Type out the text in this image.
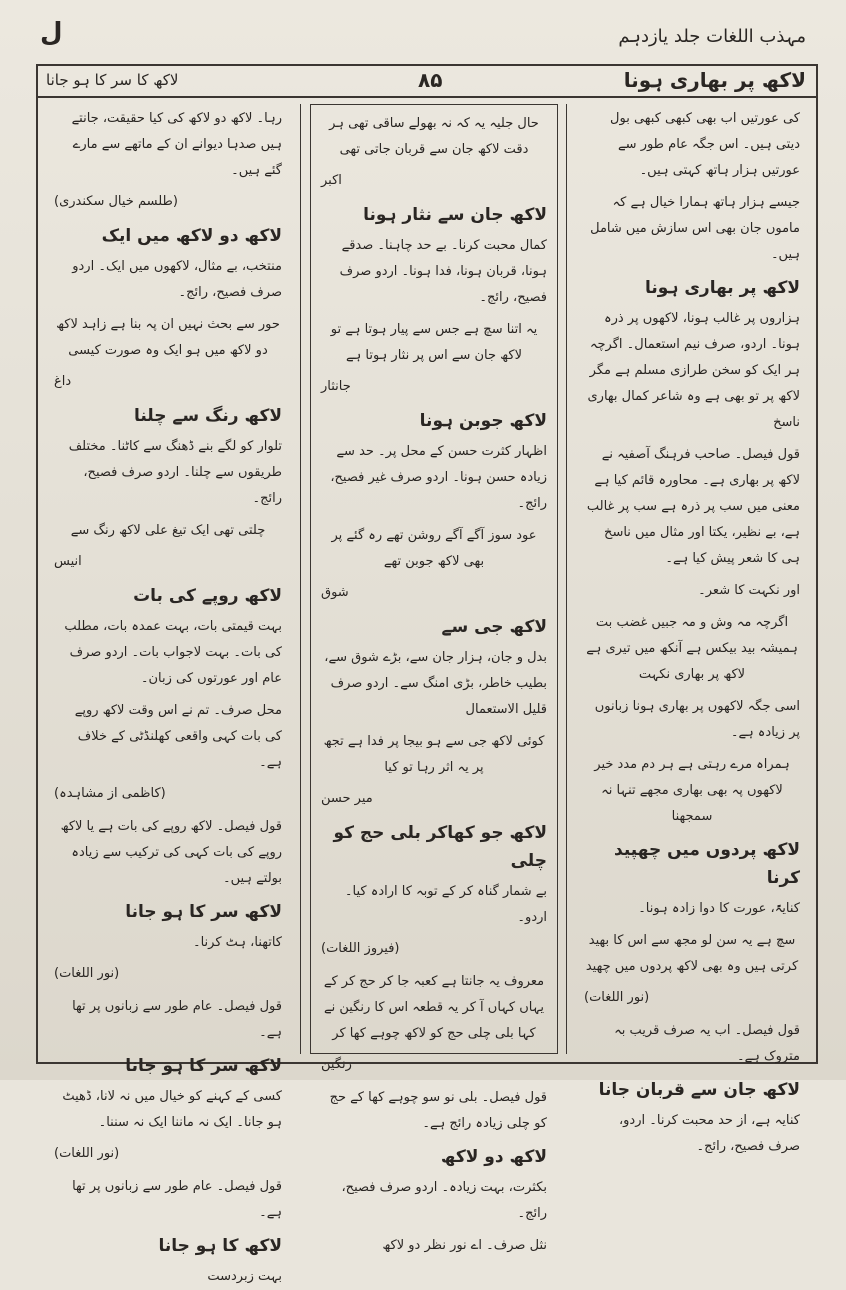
ل	مہذب اللغات جلد یازدہم
لاکھ کا سر کا ہو جانا	۸۵	لاکھ پر بھاری ہونا

رہا۔ لاکھ دو لاکھ کی کیا حقیقت، جانتے ہیں صدہا دیوانے ان کے ماتھے سے مارے گئے ہیں۔

(طلسم خیال سکندری)

لاکھ دو لاکھ میں ایک

منتخب، بے مثال، لاکھوں میں ایک۔ اردو صرف فصیح، رائج۔

حور سے بحث نہیں ان پہ بنا ہے زاہد لاکھ دو لاکھ میں ہو ایک وہ صورت کیسی

داغ

لاکھ رنگ سے چلنا

تلوار کو لگے بنے ڈھنگ سے کاٹنا۔ مختلف طریقوں سے چلنا۔ اردو صرف فصیح، رائج۔

چلتی تھی ایک تیغ علی لاکھ رنگ سے

انیس

لاکھ روپے کی بات

بہت قیمتی بات، بہت عمدہ بات، مطلب کی بات۔ بہت لاجواب بات۔ اردو صرف عام اور عورتوں کی زبان۔

محل صرف۔ تم نے اس وقت لاکھ روپے کی بات کہی واقعی کھلنڈٹی کے خلاف ہے۔

(کاظمی از مشاہدہ)

قول فیصل۔ لاکھ روپے کی بات ہے یا لاکھ روپے کی بات کہی کی ترکیب سے زیادہ بولتے ہیں۔

لاکھ سر کا ہو جانا

کاتھنا، ہٹ کرنا۔

(نور اللغات)

قول فیصل۔ عام طور سے زبانوں پر تھا ہے۔

لاکھ سر کا ہو جانا

کسی کے کہنے کو خیال میں نہ لانا، ڈھیٹ ہو جانا۔ ایک نہ ماننا ایک نہ سننا۔

(نور اللغات)

قول فیصل۔ عام طور سے زبانوں پر تھا ہے۔

لاکھ کا ہو جانا

بہت زبردست

حال جلیہ یہ کہ نہ بھولے ساقی تھی ہر دقت لاکھ جان سے قربان جاتی تھی

اکبر

لاکھ جان سے نثار ہونا

کمال محبت کرنا۔ بے حد چاہنا۔ صدقے ہونا، قربان ہونا، فدا ہونا۔ اردو صرف فصیح، رائج۔

یہ اتنا سچ ہے جس سے پیار ہوتا ہے تو لاکھ جان سے اس پر نثار ہوتا ہے

جانثار

لاکھ جوبن ہونا

اظہار کثرت حسن کے محل پر۔ حد سے زیادہ حسن ہونا۔ اردو صرف غیر فصیح، رائج۔

عود سوز آگے آگے روشن تھے رہ گئے پر بھی لاکھ جوبن تھے

شوق

لاکھ جی سے

بدل و جان، ہزار جان سے، بڑے شوق سے، بطیب خاطر، بڑی امنگ سے۔ اردو صرف قلیل الاستعمال

کوئی لاکھ جی سے ہو بیجا پر فدا ہے تجھ پر یہ اثر رہا تو کیا

میر حسن

لاکھ جو کھاکر بلی حج کو چلی

بے شمار گناہ کر کے توبہ کا ارادہ کیا۔ اردو۔

(فیروز اللغات)

معروف یہ جانتا ہے کعبہ جا کر حج کر کے یہاں کہاں آ کر یہ قطعہ اس کا رنگین نے کہا بلی چلی حج کو لاکھ چوہے کھا کر

رنگین

قول فیصل۔ بلی نو سو چوہے کھا کے حج کو چلی زیادہ رائج ہے۔

لاکھ دو لاکھ

بکثرت، بہت زیادہ۔ اردو صرف فصیح، رائج۔

نثل صرف۔ اے نور نظر دو لاکھ

کی عورتیں اب بھی کبھی کبھی بول دیتی ہیں۔ اس جگہ عام طور سے عورتیں ہزار ہاتھ کہتی ہیں۔

جیسے ہزار ہاتھ ہمارا خیال ہے کہ ماموں جان بھی اس سازش میں شامل ہیں۔

لاکھ پر بھاری ہونا

ہزاروں پر غالب ہونا، لاکھوں پر ذرہ ہونا۔ اردو، صرف نیم استعمال۔ اگرچہ ہر ایک کو سخن طرازی مسلم ہے مگر لاکھ پر تو بھی ہے وہ شاعر کمال بھاری ناسخ

قول فیصل۔ صاحب فرہنگ آصفیہ نے لاکھ پر بھاری ہے۔ محاورہ قائم کیا ہے معنی میں سب پر ذرہ ہے سب پر غالب ہے، بے نظیر، یکتا اور مثال میں ناسخ ہی کا شعر پیش کیا ہے۔

اور نکہت کا شعر۔

اگرچہ مہ وش و مہ جبیں غضب بت ہمیشہ بید بیکس ہے آنکھ میں تیری ہے لاکھ پر بھاری نکہت

اسی جگہ لاکھوں پر بھاری ہونا زبانوں پر زیادہ ہے۔

ہمراہ مرے رہتی ہے ہر دم مدد خیر لاکھوں پہ بھی بھاری مجھے تنہا نہ سمجھنا

لاکھ پردوں میں چھپید کرنا

کنایۃً، عورت کا دوا زادہ ہونا۔

سچ ہے یہ سن لو مجھ سے اس کا بھید کرتی ہیں وہ بھی لاکھ پردوں میں چھید

(نور اللغات)

قول فیصل۔ اب یہ صرف قریب بہ متروک ہے۔

لاکھ جان سے قربان جانا

کنایہ ہے، از حد محبت کرنا۔ اردو، صرف فصیح، رائج۔
